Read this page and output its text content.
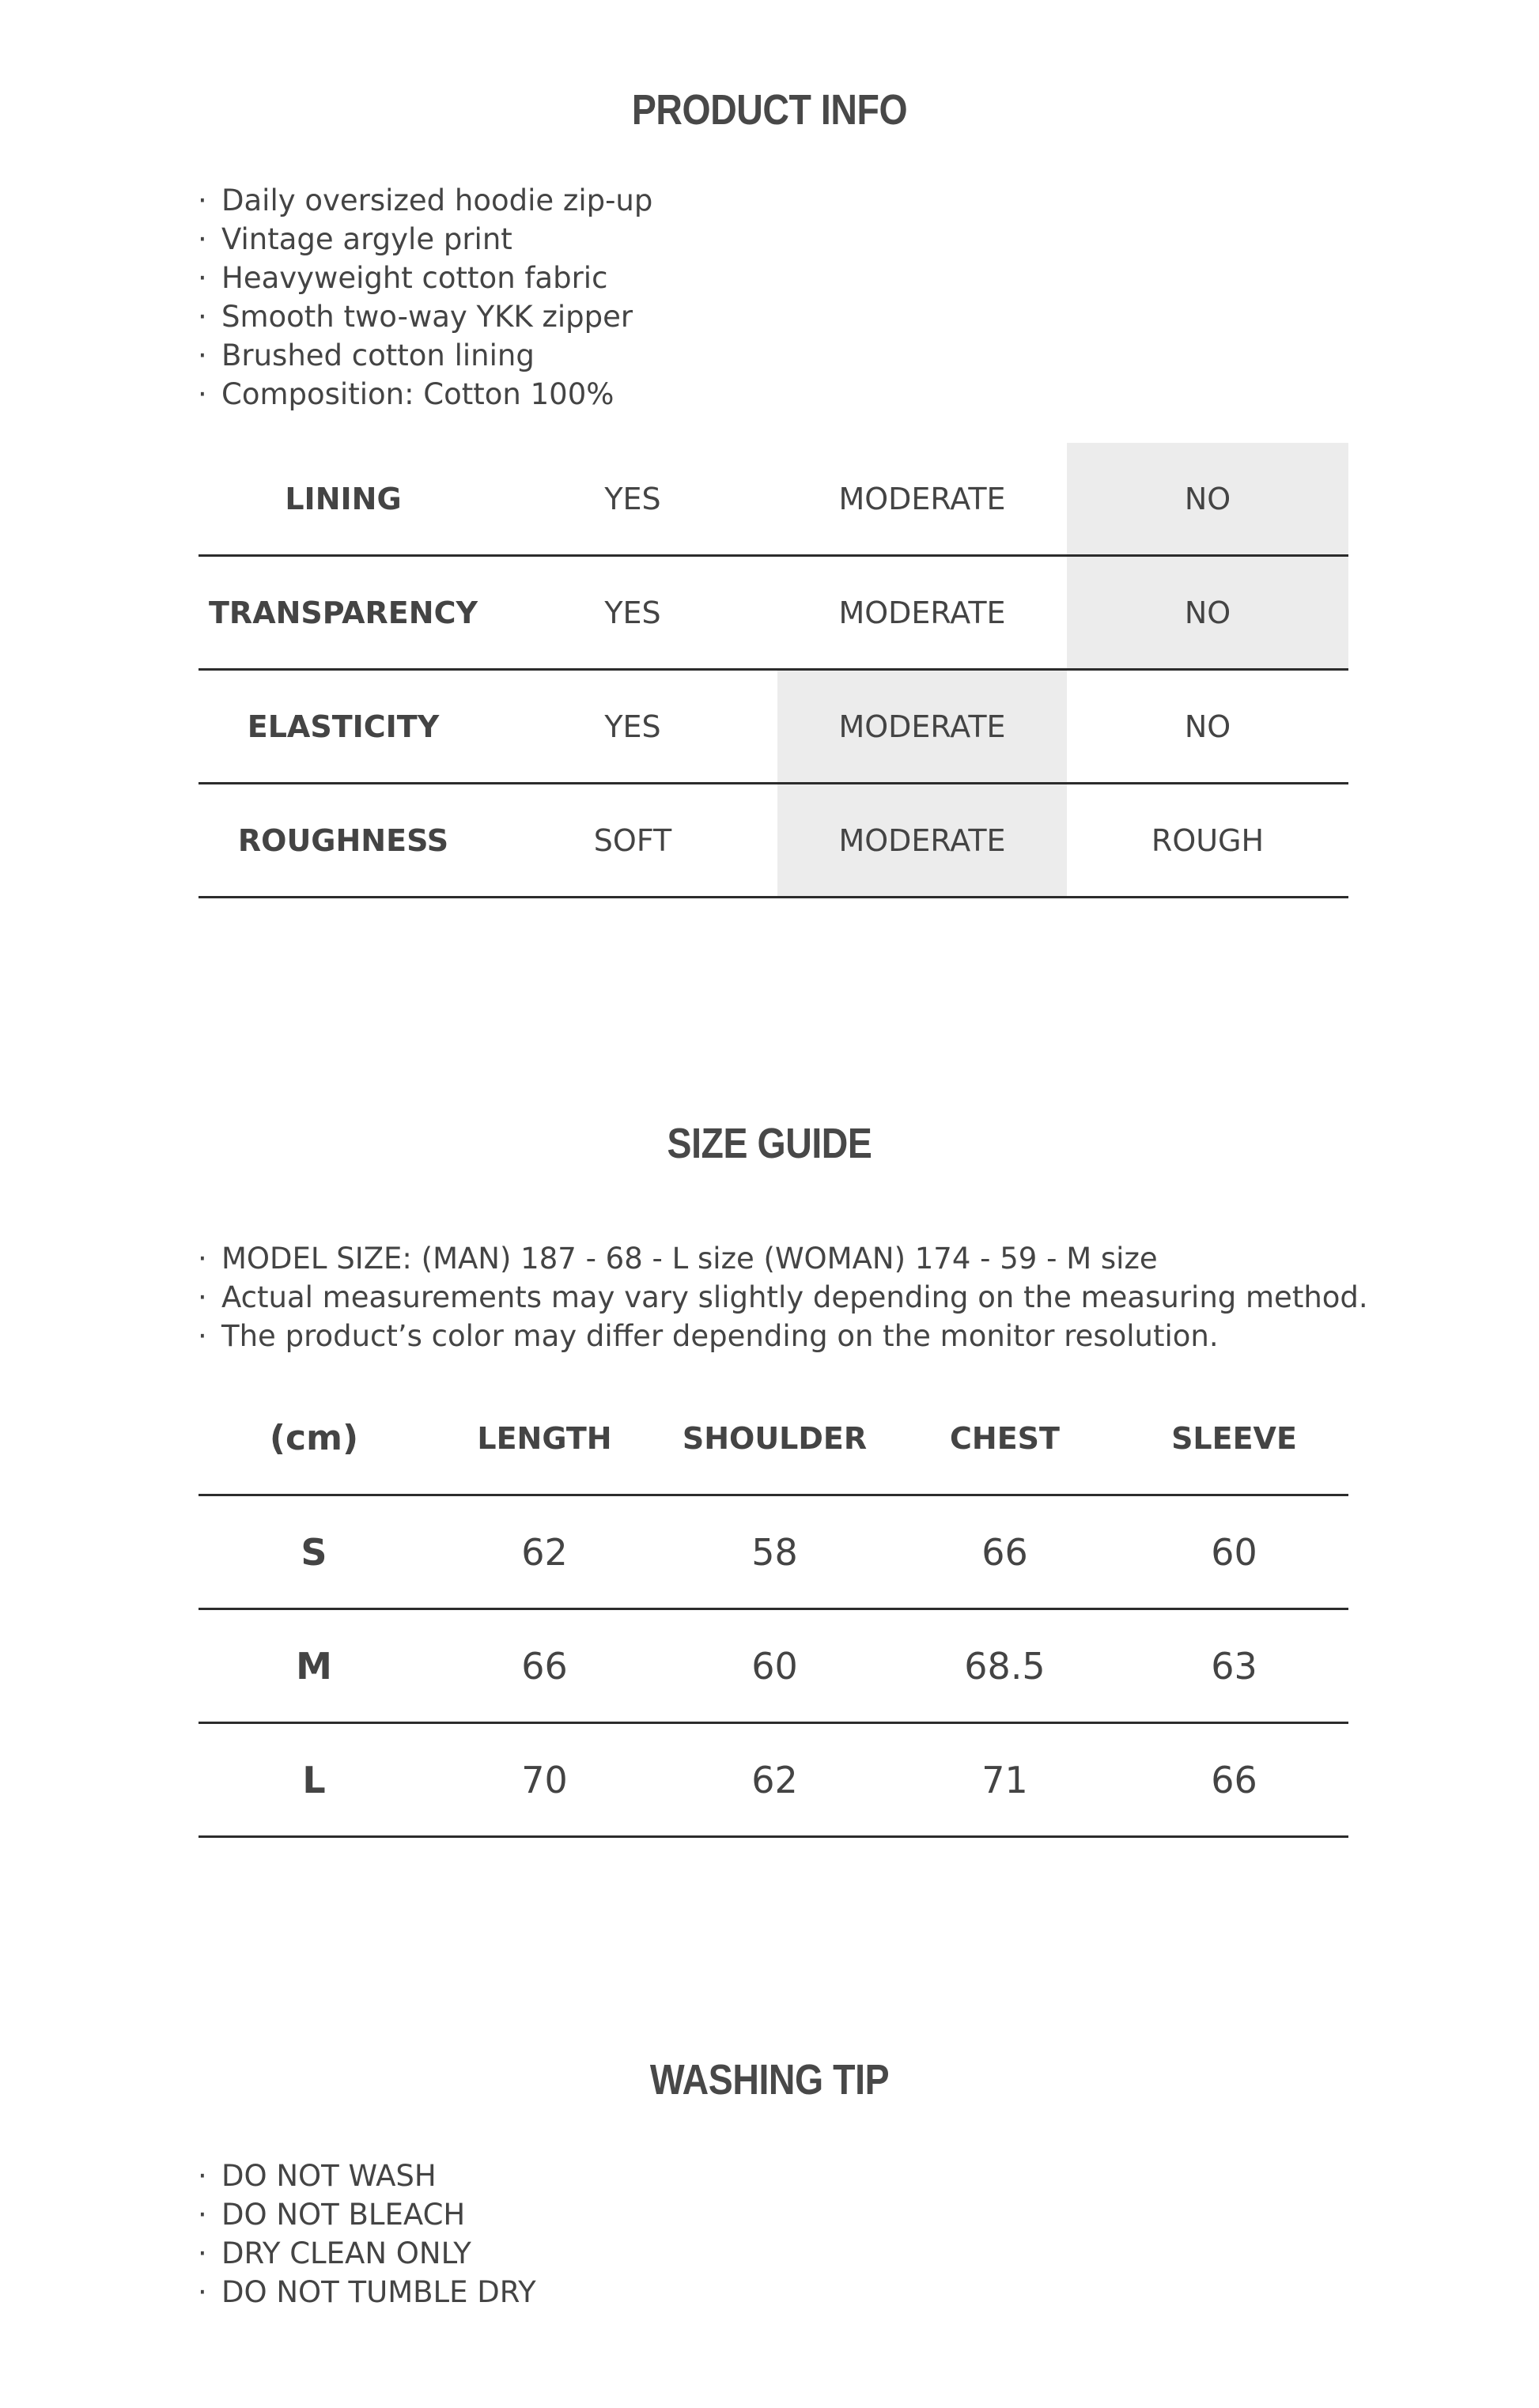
PRODUCT INFO
· Daily oversized hoodie zip-up
· Vintage argyle print
· Heavyweight cotton fabric
· Smooth two-way YKK zipper
· Brushed cotton lining
· Composition: Cotton 100%
LINING	YES	MODERATE	NO
TRANSPARENCY	YES	MODERATE	NO
ELASTICITY	YES	MODERATE	NO
ROUGHNESS	SOFT	MODERATE	ROUGH
SIZE GUIDE
· MODEL SIZE: (MAN) 187 - 68 - L size (WOMAN) 174 - 59 - M size
· Actual measurements may vary slightly depending on the measuring method.
· The product’s color may differ depending on the monitor resolution.
(cm)	LENGTH	SHOULDER	CHEST	SLEEVE
S	62	58	66	60
M	66	60	68.5	63
L	70	62	71	66
WASHING TIP
· DO NOT WASH
· DO NOT BLEACH
· DRY CLEAN ONLY
· DO NOT TUMBLE DRY
